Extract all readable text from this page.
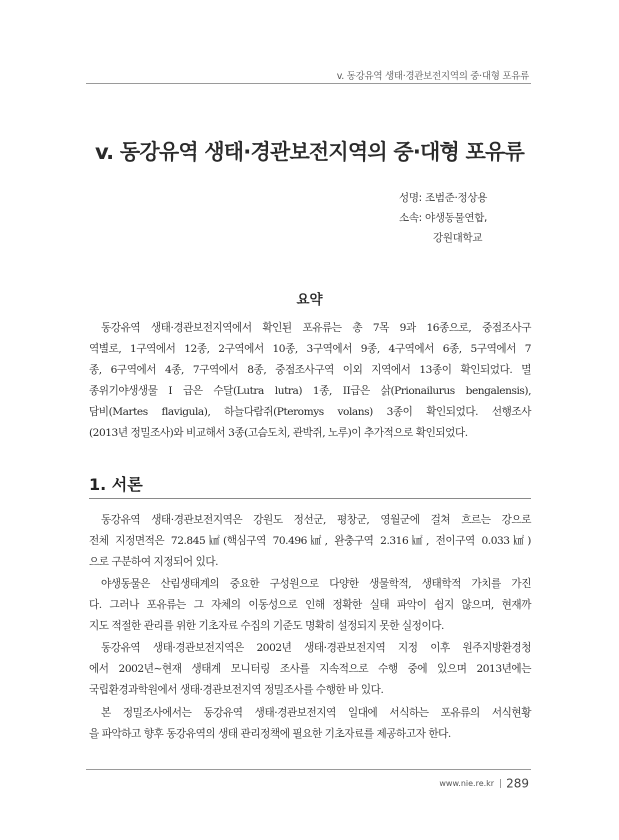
v. 동강유역 생태·경관보전지역의 중·대형 포유류
v. 동강유역 생태·경관보전지역의 중·대형 포유류
성명: 조범준·정상용
소속: 야생동물연합,
강원대학교
요약
동강유역 생태·경관보전지역에서 확인된 포유류는 총 7목 9과 16종으로, 중점조사구
역별로, 1구역에서 12종, 2구역에서 10종, 3구역에서 9종, 4구역에서 6종, 5구역에서 7
종, 6구역에서 4종, 7구역에서 8종, 중점조사구역 이외 지역에서 13종이 확인되었다. 멸
종위기야생생물 I 급은 수달(Lutra lutra) 1종, II급은 삵(Prionailurus bengalensis),
담비(Martes flavigula), 하늘다람쥐(Pteromys volans) 3종이 확인되었다. 선행조사
(2013년 정밀조사)와 비교해서 3종(고슴도치, 관박쥐, 노루)이 추가적으로 확인되었다.
1. 서론
동강유역 생태·경관보전지역은 강원도 정선군, 평창군, 영월군에 걸쳐 흐르는 강으로
전체 지정면적은 72.845㎢(핵심구역 70.496㎢, 완충구역 2.316㎢, 전이구역 0.033㎢)
으로 구분하여 지정되어 있다.
야생동물은 산림생태계의 중요한 구성원으로 다양한 생물학적, 생태학적 가치를 가진
다. 그러나 포유류는 그 자체의 이동성으로 인해 정확한 실태 파악이 쉽지 않으며, 현재까
지도 적절한 관리를 위한 기초자료 수집의 기준도 명확히 설정되지 못한 실정이다.
동강유역 생태·경관보전지역은 2002년 생태·경관보전지역 지정 이후 원주지방환경청
에서 2002년∼현재 생태계 모니터링 조사를 지속적으로 수행 중에 있으며 2013년에는
국립환경과학원에서 생태·경관보전지역 정밀조사를 수행한 바 있다.
본 정밀조사에서는 동강유역 생태·경관보전지역 일대에 서식하는 포유류의 서식현황
을 파악하고 향후 동강유역의 생태 관리정책에 필요한 기초자료를 제공하고자 한다.
www.nie.re.kr 289
